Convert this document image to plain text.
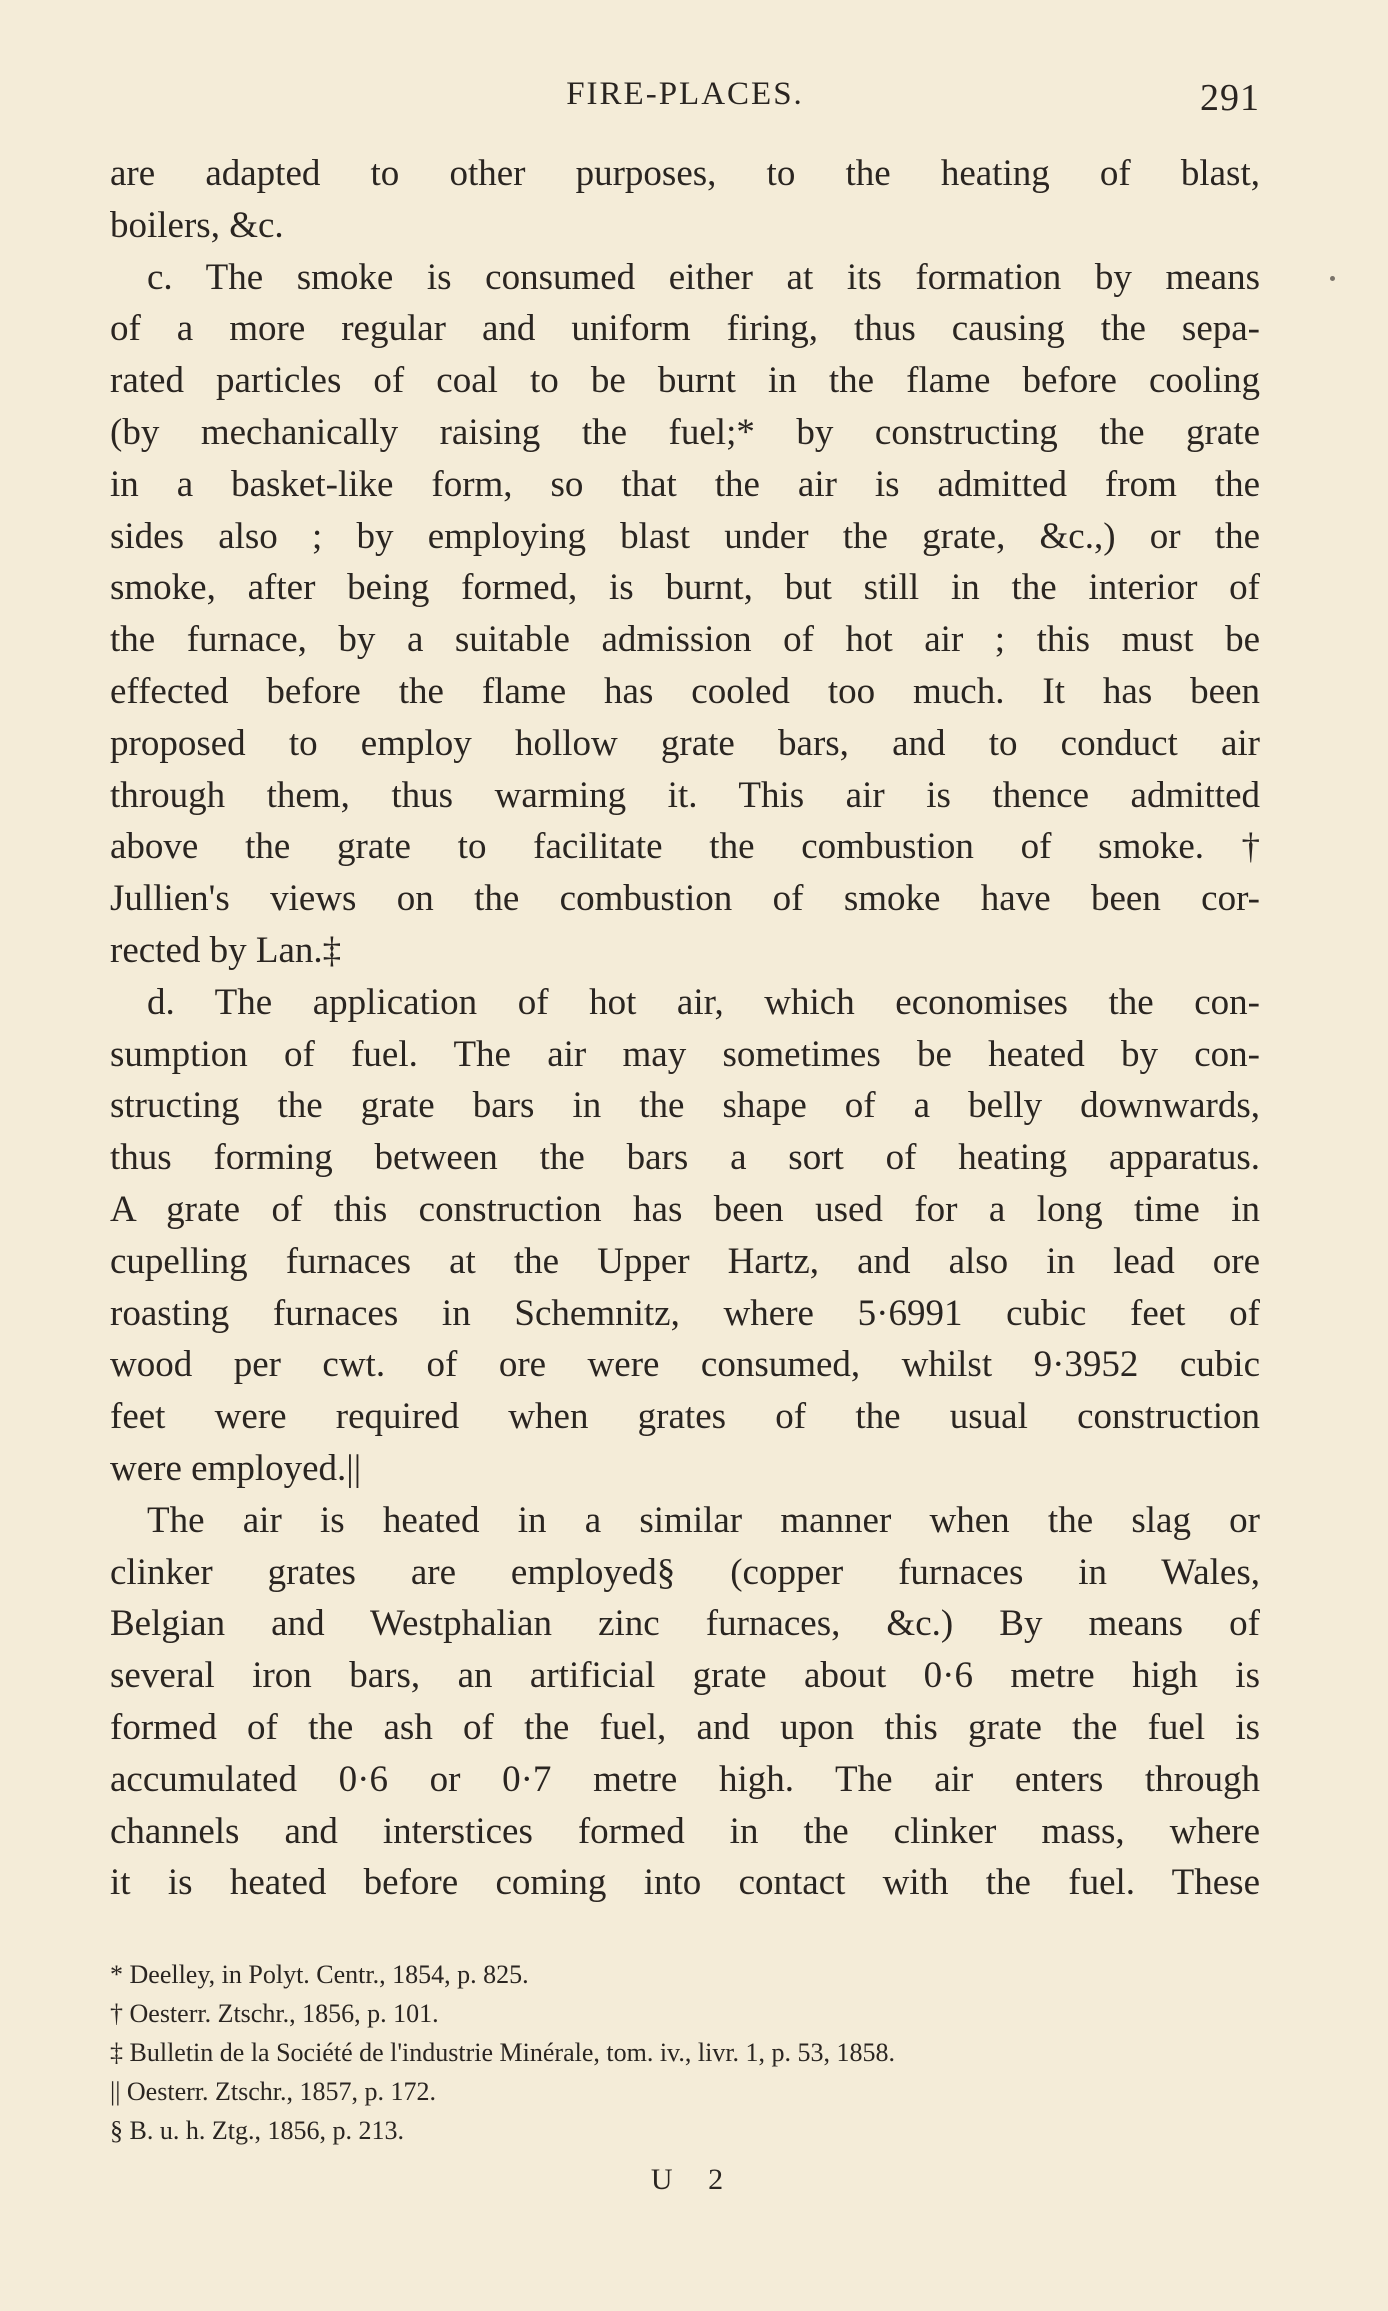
FIRE-PLACES.	291
are adapted to other purposes, to the heating of blast,
boilers, &c.
c. The smoke is consumed either at its formation by means
of a more regular and uniform firing, thus causing the sepa-
rated particles of coal to be burnt in the flame before cooling
(by mechanically raising the fuel;* by constructing the grate
in a basket-like form, so that the air is admitted from the
sides also ; by employing blast under the grate, &c.,) or the
smoke, after being formed, is burnt, but still in the interior of
the furnace, by a suitable admission of hot air ; this must be
effected before the flame has cooled too much. It has been
proposed to employ hollow grate bars, and to conduct air
through them, thus warming it. This air is thence admitted
above the grate to facilitate the combustion of smoke.†
Jullien's views on the combustion of smoke have been cor-
rected by Lan.‡
d. The application of hot air, which economises the con-
sumption of fuel. The air may sometimes be heated by con-
structing the grate bars in the shape of a belly downwards,
thus forming between the bars a sort of heating apparatus.
A grate of this construction has been used for a long time in
cupelling furnaces at the Upper Hartz, and also in lead ore
roasting furnaces in Schemnitz, where 5·6991 cubic feet of
wood per cwt. of ore were consumed, whilst 9·3952 cubic
feet were required when grates of the usual construction
were employed.||
The air is heated in a similar manner when the slag or
clinker grates are employed§ (copper furnaces in Wales,
Belgian and Westphalian zinc furnaces, &c.) By means of
several iron bars, an artificial grate about 0·6 metre high is
formed of the ash of the fuel, and upon this grate the fuel is
accumulated 0·6 or 0·7 metre high. The air enters through
channels and interstices formed in the clinker mass, where
it is heated before coming into contact with the fuel. These
* Deelley, in Polyt. Centr., 1854, p. 825.
† Oesterr. Ztschr., 1856, p. 101.
‡ Bulletin de la Société de l'industrie Minérale, tom. iv., livr. 1, p. 53, 1858.
|| Oesterr. Ztschr., 1857, p. 172.
§ B. u. h. Ztg., 1856, p. 213.
U 2
